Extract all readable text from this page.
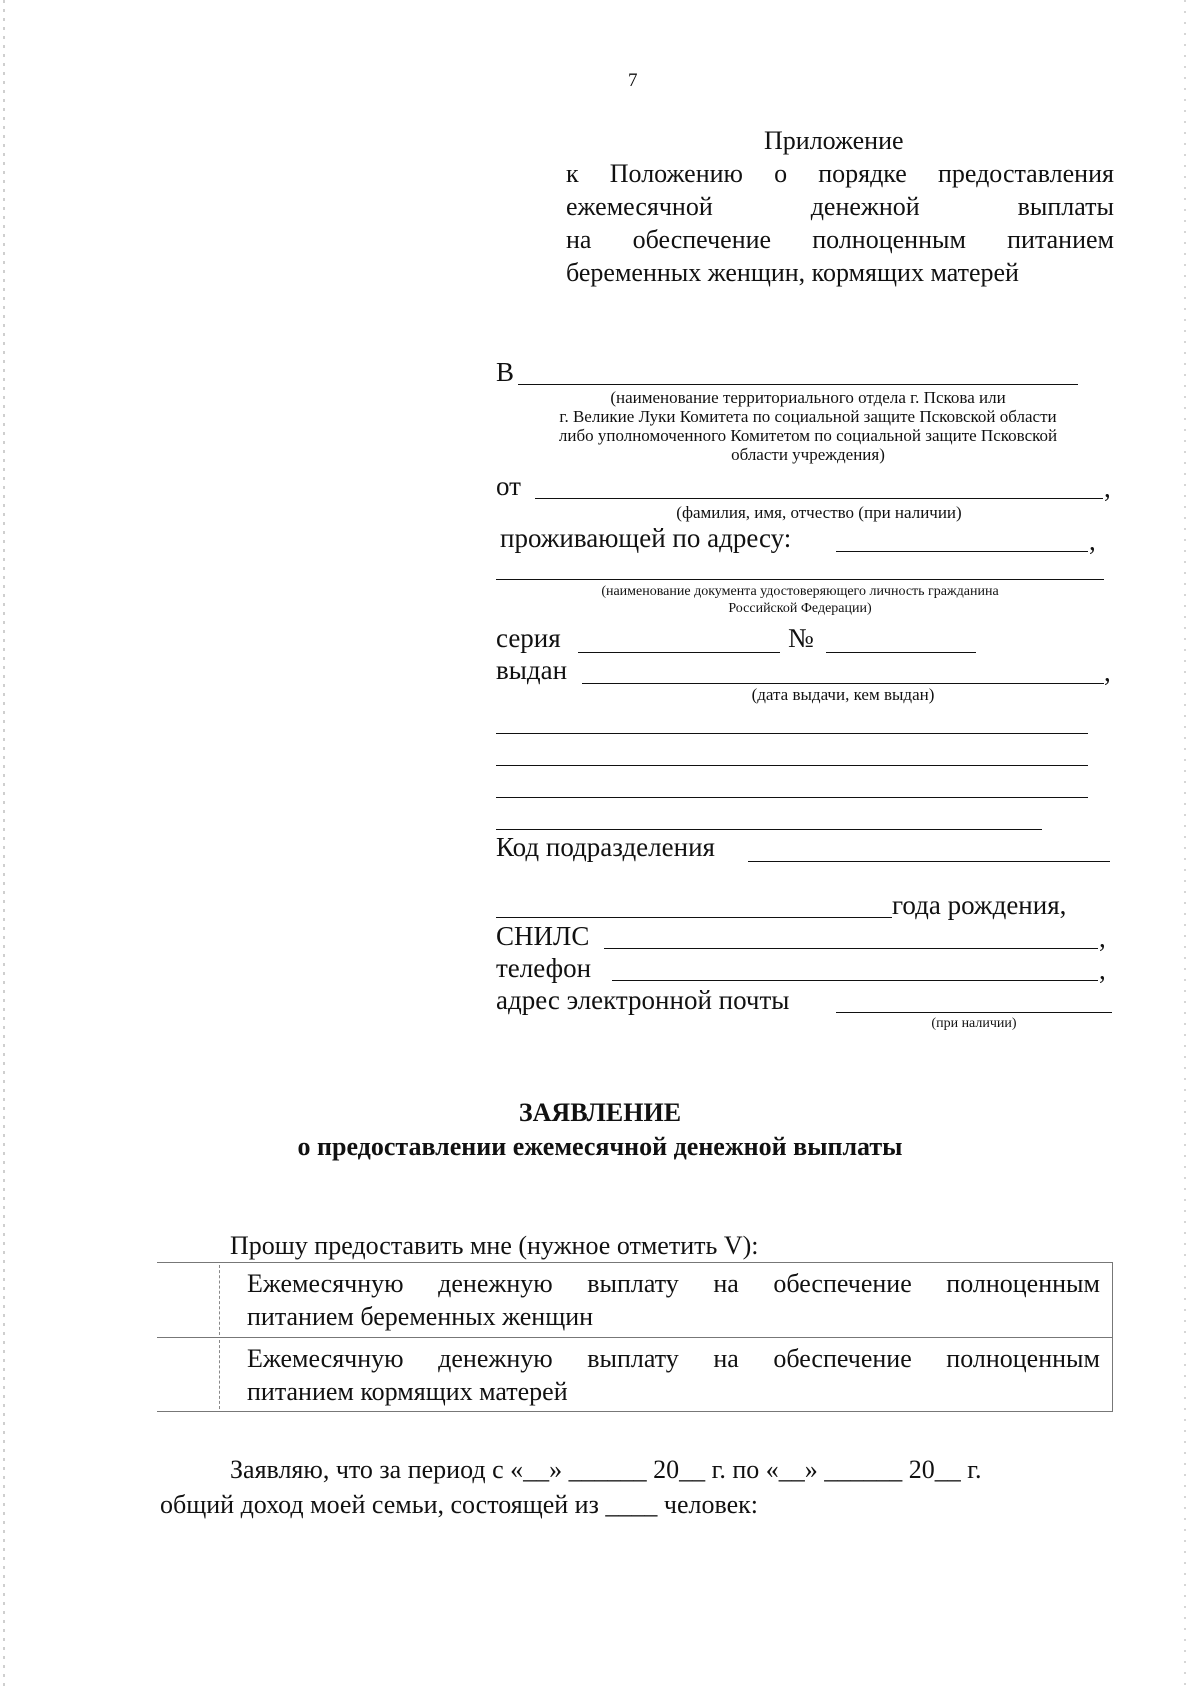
7
Приложение
к Положению о порядке предоставления
ежемесячной	денежной	выплаты
на обеспечение полноценным питанием
беременных женщин, кормящих матерей
В
(наименование территориального отдела г. Пскова или
г. Великие Луки Комитета по социальной защите Псковской области
либо уполномоченного Комитетом по социальной защите Псковской
области учреждения)
от	,
(фамилия, имя, отчество (при наличии)
проживающей по адресу:	,
(наименование документа удостоверяющего личность гражданина
Российской Федерации)
серия	№
выдан	,
(дата выдачи, кем выдан)
Код подразделения
года рождения,
СНИЛС	,
телефон	,
адрес электронной почты
(при наличии)
ЗАЯВЛЕНИЕ
о предоставлении ежемесячной денежной выплаты
Прошу предоставить мне (нужное отметить V):
Ежемесячную денежную выплату на обеспечение полноценным
питанием беременных женщин
Ежемесячную денежную выплату на обеспечение полноценным
питанием кормящих матерей
Заявляю, что за период с «__» ______ 20__ г. по «__» ______ 20__ г.
общий доход моей семьи, состоящей из ____ человек:
